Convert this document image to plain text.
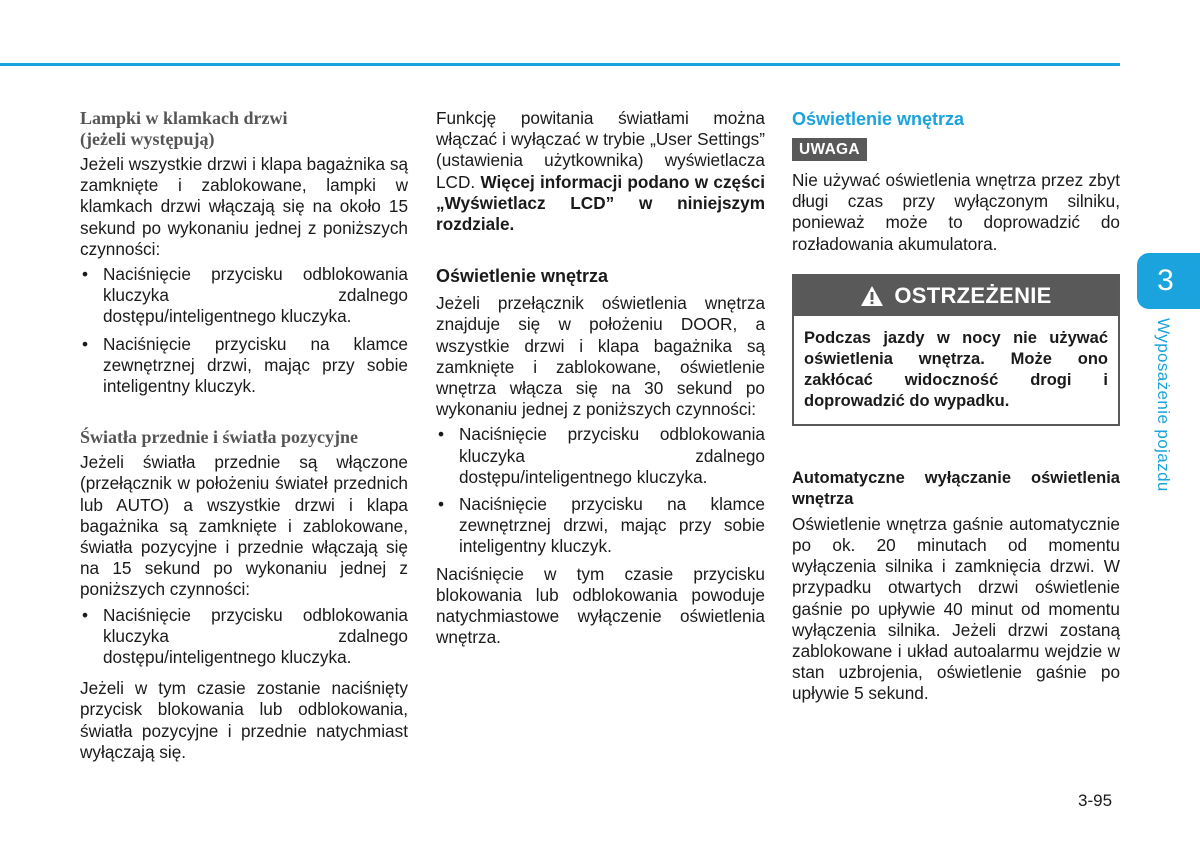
Lampki w klamkach drzwi
(jeżeli występują)

Jeżeli wszystkie drzwi i klapa bagażnika są zamknięte i zablokowane, lampki w klamkach drzwi włączają się na około 15 sekund po wykonaniu jednej z poniższych czynności:

• Naciśnięcie przycisku odblokowania kluczyka zdalnego dostępu/inteligentnego kluczyka.
• Naciśnięcie przycisku na klamce zewnętrznej drzwi, mając przy sobie inteligentny kluczyk.
Światła przednie i światła pozycyjne

Jeżeli światła przednie są włączone (przełącznik w położeniu świateł przednich lub AUTO) a wszystkie drzwi i klapa bagażnika są zamknięte i zablokowane, światła pozycyjne i przednie włączają się na 15 sekund po wykonaniu jednej z poniższych czynności:

• Naciśnięcie przycisku odblokowania kluczyka zdalnego dostępu/inteligentnego kluczyka.

Jeżeli w tym czasie zostanie naciśnięty przycisk blokowania lub odblokowania, światła pozycyjne i przednie natychmiast wyłączają się.

Funkcję powitania światłami można włączać i wyłączać w trybie „User Settings” (ustawienia użytkownika) wyświetlacza LCD. Więcej informacji podano w części „Wyświetlacz LCD” w niniejszym rozdziale.

Oświetlenie wnętrza

Jeżeli przełącznik oświetlenia wnętrza znajduje się w położeniu DOOR, a wszystkie drzwi i klapa bagażnika są zamknięte i zablokowane, oświetlenie wnętrza włącza się na 30 sekund po wykonaniu jednej z poniższych czynności:

• Naciśnięcie przycisku odblokowania kluczyka zdalnego dostępu/inteligentnego kluczyka.
• Naciśnięcie przycisku na klamce zewnętrznej drzwi, mając przy sobie inteligentny kluczyk.

Naciśnięcie w tym czasie przycisku blokowania lub odblokowania powoduje natychmiastowe wyłączenie oświetlenia wnętrza.

Oświetlenie wnętrza
UWAGA

Nie używać oświetlenia wnętrza przez zbyt długi czas przy wyłączonym silniku, ponieważ może to doprowadzić do rozładowania akumulatora.

OSTRZEŻENIE
Podczas jazdy w nocy nie używać oświetlenia wnętrza. Może ono zakłócać widoczność drogi i doprowadzić do wypadku.
Automatyczne wyłączanie oświetlenia wnętrza

Oświetlenie wnętrza gaśnie automatycznie po ok. 20 minutach od momentu wyłączenia silnika i zamknięcia drzwi. W przypadku otwartych drzwi oświetlenie gaśnie po upływie 40 minut od momentu wyłączenia silnika. Jeżeli drzwi zostaną zablokowane i układ autoalarmu wejdzie w stan uzbrojenia, oświetlenie gaśnie po upływie 5 sekund.

3
Wyposażenie pojazdu
3-95
